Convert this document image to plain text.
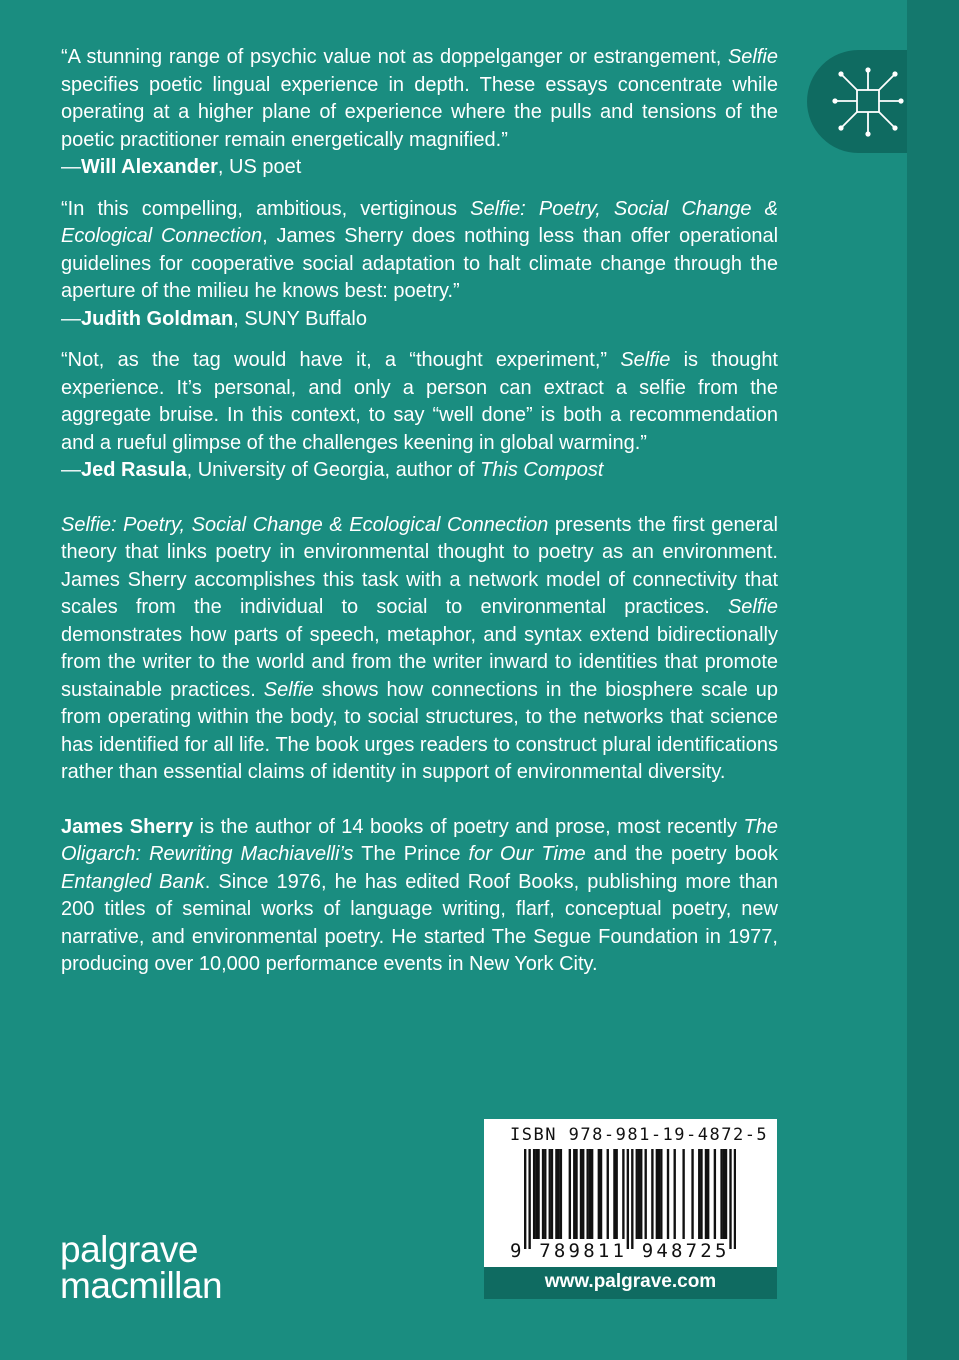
“A stunning range of psychic value not as doppelganger or estrangement, Selfie specifies poetic lingual experience in depth. These essays concentrate while operating at a higher plane of experience where the pulls and tensions of the poetic practitioner remain energetically magnified.”

—Will Alexander, US poet

“In this compelling, ambitious, vertiginous Selfie: Poetry, Social Change & Ecological Connection, James Sherry does nothing less than offer operational guidelines for cooperative social adaptation to halt climate change through the aperture of the milieu he knows best: poetry.”

—Judith Goldman, SUNY Buffalo

“Not, as the tag would have it, a “thought experiment,” Selfie is thought experience. It’s personal, and only a person can extract a selfie from the aggregate bruise. In this context, to say “well done” is both a recommendation and a rueful glimpse of the challenges keening in global warming.”

—Jed Rasula, University of Georgia, author of This Compost

Selfie: Poetry, Social Change & Ecological Connection presents the first general theory that links poetry in environmental thought to poetry as an environment. James Sherry accomplishes this task with a network model of connectivity that scales from the individual to social to environmental practices. Selfie demonstrates how parts of speech, metaphor, and syntax extend bidirectionally from the writer to the world and from the writer inward to identities that promote sustainable practices. Selfie shows how connections in the biosphere scale up from operating within the body, to social structures, to the networks that science has identified for all life. The book urges readers to construct plural identifications rather than essential claims of identity in support of environmental diversity.

James Sherry is the author of 14 books of poetry and prose, most recently The Oligarch: Rewriting Machiavelli’s The Prince for Our Time and the poetry book Entangled Bank. Since 1976, he has edited Roof Books, publishing more than 200 titles of seminal works of language writing, flarf, conceptual poetry, new narrative, and environmental poetry. He started The Segue Foundation in 1977, producing over 10,000 performance events in New York City.

ISBN 978-981-19-4872-5
9 789811 948725
www.palgrave.com
palgrave
macmillan
